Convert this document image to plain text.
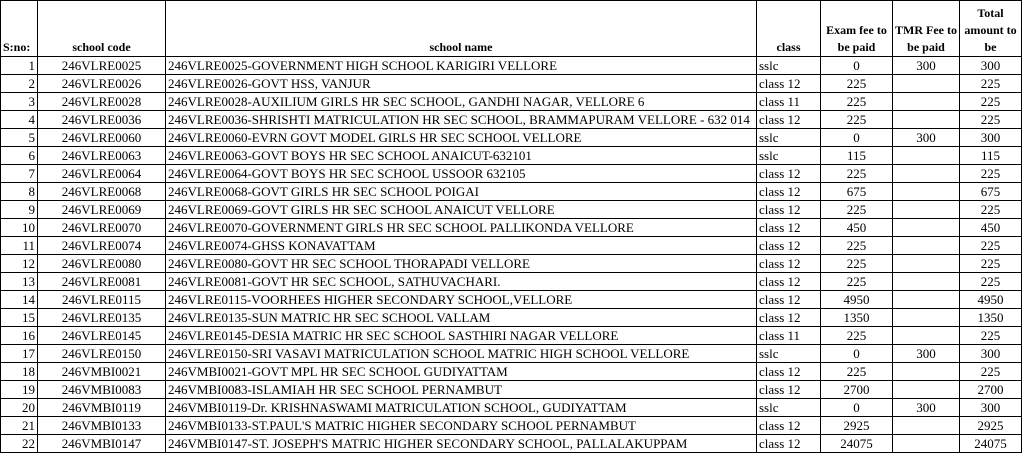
S:no:	school code	school name	class	Exam fee to be paid	TMR Fee to be paid	Total amount to be
1	246VLRE0025	246VLRE0025-GOVERNMENT HIGH SCHOOL KARIGIRI VELLORE	sslc	0	300	300
2	246VLRE0026	246VLRE0026-GOVT HSS, VANJUR	class 12	225		225
3	246VLRE0028	246VLRE0028-AUXILIUM GIRLS HR SEC SCHOOL, GANDHI NAGAR, VELLORE 6	class 11	225		225
4	246VLRE0036	246VLRE0036-SHRISHTI MATRICULATION HR SEC SCHOOL, BRAMMAPURAM VELLORE - 632 014	class 12	225		225
5	246VLRE0060	246VLRE0060-EVRN GOVT MODEL GIRLS HR SEC SCHOOL VELLORE	sslc	0	300	300
6	246VLRE0063	246VLRE0063-GOVT BOYS HR SEC SCHOOL ANAICUT-632101	sslc	115		115
7	246VLRE0064	246VLRE0064-GOVT BOYS HR SEC SCHOOL USSOOR 632105	class 12	225		225
8	246VLRE0068	246VLRE0068-GOVT GIRLS HR SEC SCHOOL POIGAI	class 12	675		675
9	246VLRE0069	246VLRE0069-GOVT GIRLS HR SEC SCHOOL ANAICUT VELLORE	class 12	225		225
10	246VLRE0070	246VLRE0070-GOVERNMENT GIRLS HR SEC SCHOOL PALLIKONDA VELLORE	class 12	450		450
11	246VLRE0074	246VLRE0074-GHSS KONAVATTAM	class 12	225		225
12	246VLRE0080	246VLRE0080-GOVT HR SEC SCHOOL THORAPADI VELLORE	class 12	225		225
13	246VLRE0081	246VLRE0081-GOVT HR SEC SCHOOL, SATHUVACHARI.	class 12	225		225
14	246VLRE0115	246VLRE0115-VOORHEES HIGHER SECONDARY SCHOOL,VELLORE	class 12	4950		4950
15	246VLRE0135	246VLRE0135-SUN MATRIC HR SEC SCHOOL VALLAM	class 12	1350		1350
16	246VLRE0145	246VLRE0145-DESIA MATRIC HR SEC SCHOOL SASTHIRI NAGAR VELLORE	class 11	225		225
17	246VLRE0150	246VLRE0150-SRI VASAVI MATRICULATION SCHOOL MATRIC HIGH SCHOOL VELLORE	sslc	0	300	300
18	246VMBI0021	246VMBI0021-GOVT MPL HR SEC SCHOOL GUDIYATTAM	class 12	225		225
19	246VMBI0083	246VMBI0083-ISLAMIAH HR SEC SCHOOL PERNAMBUT	class 12	2700		2700
20	246VMBI0119	246VMBI0119-Dr. KRISHNASWAMI MATRICULATION SCHOOL, GUDIYATTAM	sslc	0	300	300
21	246VMBI0133	246VMBI0133-ST.PAUL'S MATRIC HIGHER SECONDARY SCHOOL PERNAMBUT	class 12	2925		2925
22	246VMBI0147	246VMBI0147-ST. JOSEPH'S MATRIC HIGHER SECONDARY SCHOOL, PALLALAKUPPAM	class 12	24075		24075
